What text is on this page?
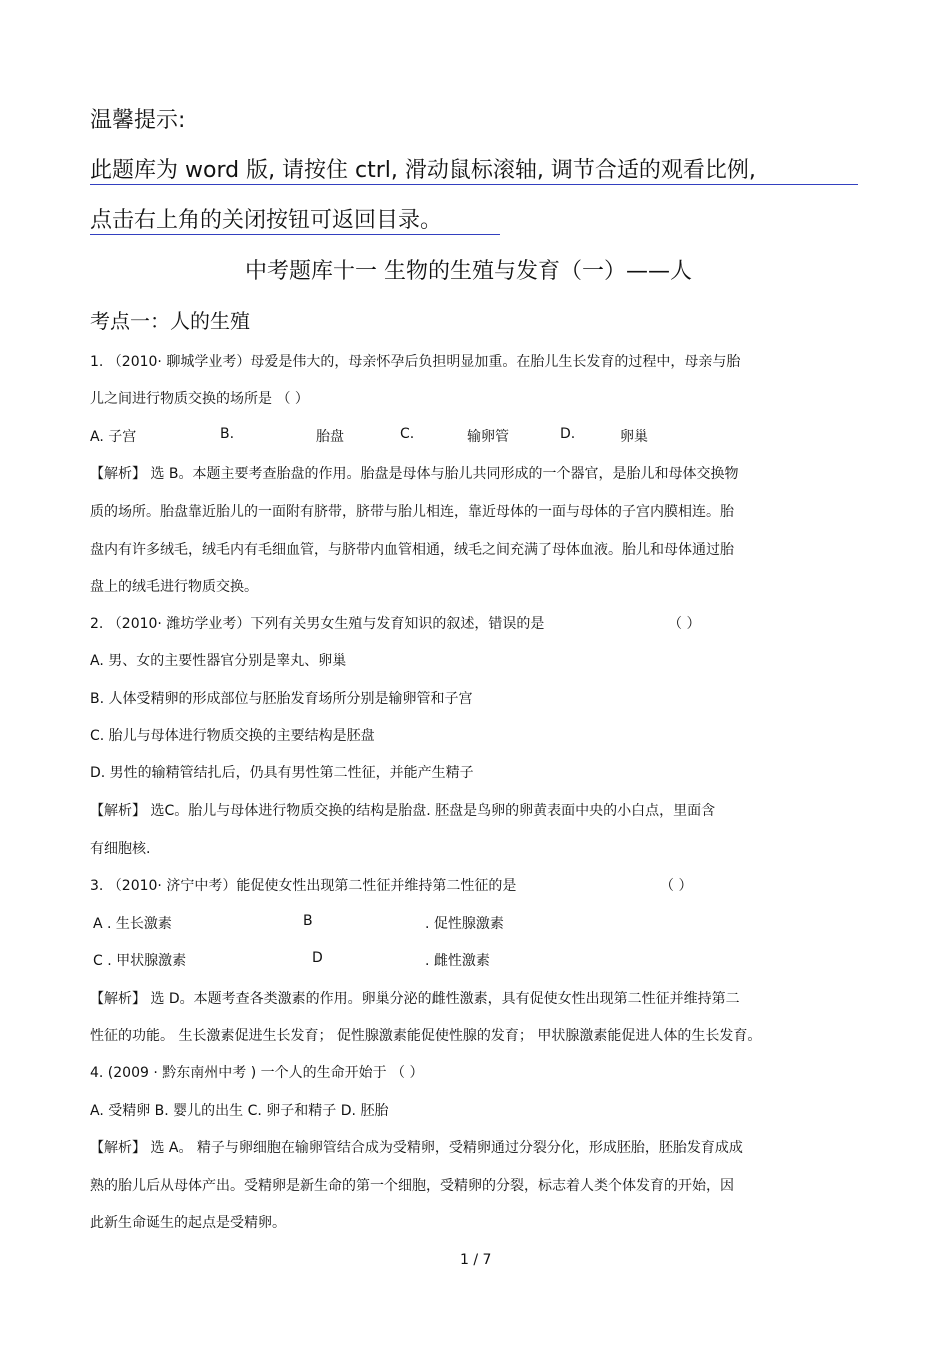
温馨提示:
此题库为 word 版, 请按住 ctrl, 滑动鼠标滚轴, 调节合适的观看比例,
点击右上角的关闭按钮可返回目录。
中考题库十一 生物的生殖与发育（一）——人
考点一：人的生殖
1. （2010· 聊城学业考）母爱是伟大的，母亲怀孕后负担明显加重。在胎儿生长发育的过程中，母亲与胎
儿之间进行物质交换的场所是 （ ）
A. 子宫	B.	胎盘	C.	输卵管	D.	卵巢
【解析】 选 B。本题主要考查胎盘的作用。胎盘是母体与胎儿共同形成的一个器官，是胎儿和母体交换物
质的场所。胎盘靠近胎儿的一面附有脐带，脐带与胎儿相连，靠近母体的一面与母体的子宫内膜相连。胎
盘内有许多绒毛，绒毛内有毛细血管，与脐带内血管相通，绒毛之间充满了母体血液。胎儿和母体通过胎
盘上的绒毛进行物质交换。
2. （2010· 潍坊学业考）下列有关男女生殖与发育知识的叙述，错误的是	（ ）
A. 男、女的主要性器官分别是睾丸、卵巢
B. 人体受精卵的形成部位与胚胎发育场所分别是输卵管和子宫
C. 胎儿与母体进行物质交换的主要结构是胚盘
D. 男性的输精管结扎后，仍具有男性第二性征，并能产生精子
【解析】 选C。胎儿与母体进行物质交换的结构是胎盘. 胚盘是鸟卵的卵黄表面中央的小白点，里面含
有细胞核.
3. （2010· 济宁中考）能促使女性出现第二性征并维持第二性征的是	（ ）
A . 生长激素	B	. 促性腺激素
C . 甲状腺激素	D	. 雌性激素
【解析】 选 D。本题考查各类激素的作用。卵巢分泌的雌性激素，具有促使女性出现第二性征并维持第二
性征的功能。 生长激素促进生长发育； 促性腺激素能促使性腺的发育； 甲状腺激素能促进人体的生长发育。
4. (2009 · 黔东南州中考 ) 一个人的生命开始于 （ ）
A. 受精卵 B. 婴儿的出生 C. 卵子和精子 D. 胚胎
【解析】 选 A。 精子与卵细胞在输卵管结合成为受精卵，受精卵通过分裂分化，形成胚胎，胚胎发育成成
熟的胎儿后从母体产出。受精卵是新生命的第一个细胞，受精卵的分裂，标志着人类个体发育的开始，因
此新生命诞生的起点是受精卵。
1 / 7
